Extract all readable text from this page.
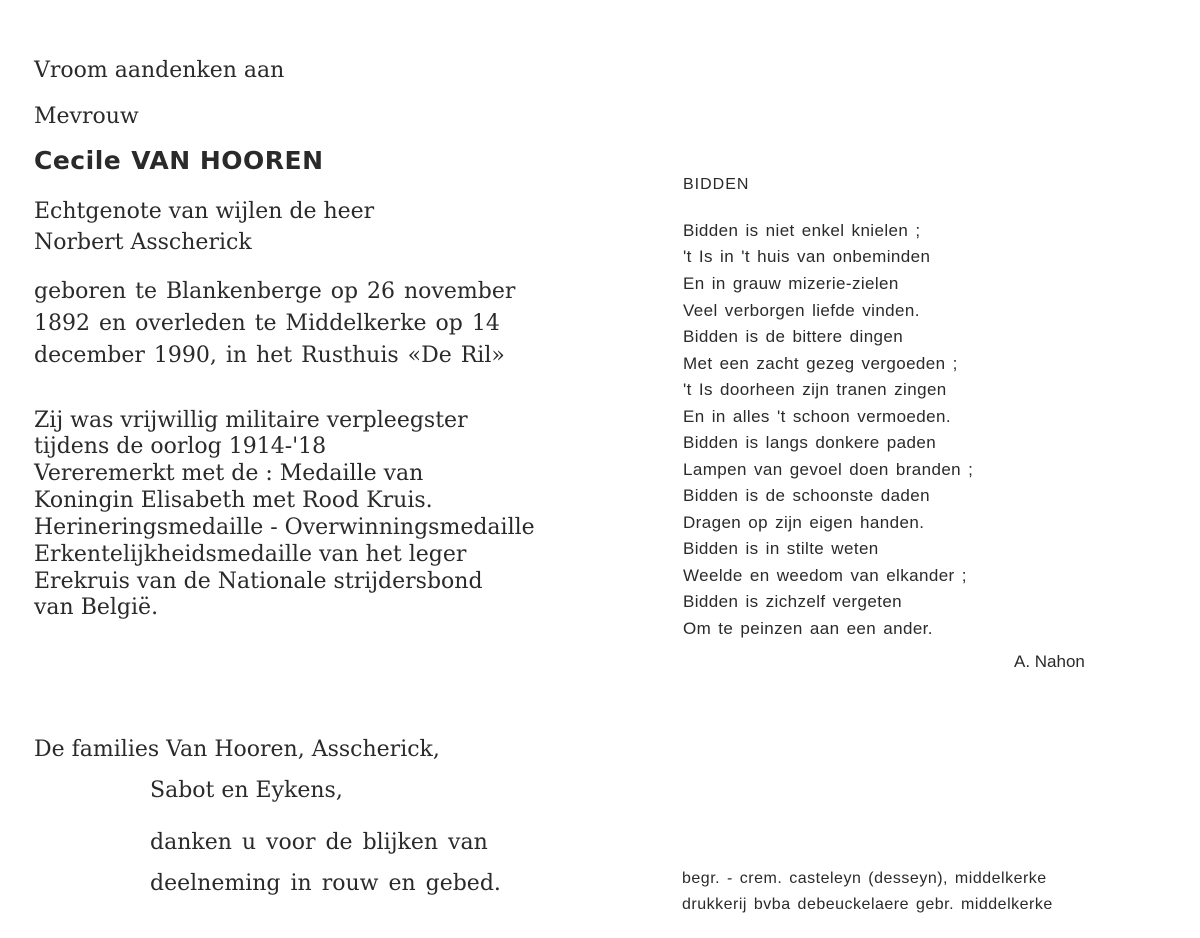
Vroom aandenken aan

Mevrouw

Cecile VAN HOOREN

Echtgenote van wijlen de heer

Norbert Asscherick

geboren te Blankenberge op 26 november

1892 en overleden te Middelkerke op 14

december 1990, in het Rusthuis «De Ril»

Zij was vrijwillig militaire verpleegster

tijdens de oorlog 1914-'18

Vereremerkt met de : Medaille van

Koningin Elisabeth met Rood Kruis.

Herineringsmedaille - Overwinningsmedaille

Erkentelijkheidsmedaille van het leger

Erekruis van de Nationale strijdersbond

van België.

De families Van Hooren, Asscherick,

Sabot en Eykens,

danken u voor de blijken van

deelneming in rouw en gebed.

BIDDEN

Bidden is niet enkel knielen ;

't Is in 't huis van onbeminden

En in grauw mizerie-zielen

Veel verborgen liefde vinden.

Bidden is de bittere dingen

Met een zacht gezeg vergoeden ;

't Is doorheen zijn tranen zingen

En in alles 't schoon vermoeden.

Bidden is langs donkere paden

Lampen van gevoel doen branden ;

Bidden is de schoonste daden

Dragen op zijn eigen handen.

Bidden is in stilte weten

Weelde en weedom van elkander ;

Bidden is zichzelf vergeten

Om te peinzen aan een ander.

A. Nahon

begr. - crem. casteleyn (desseyn), middelkerke

drukkerij bvba debeuckelaere gebr. middelkerke
